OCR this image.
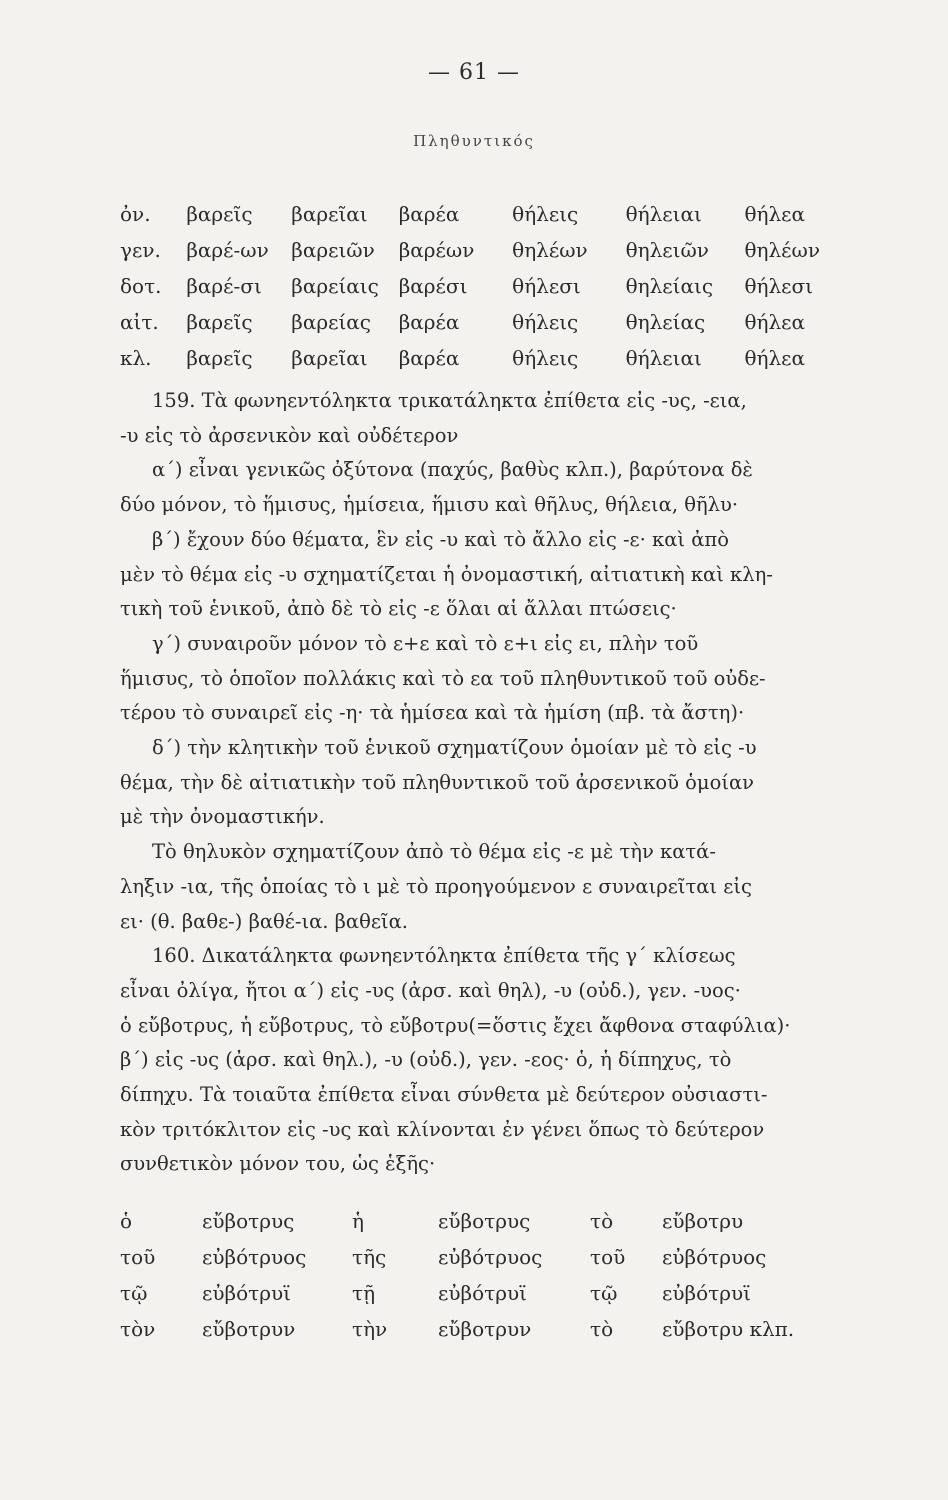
— 61 —
Πληθυντικός
ὀν.	βαρεῖς	βαρεῖαι	βαρέα	θήλεις	θήλειαι	θήλεα
γεν.	βαρέ-ων	βαρειῶν	βαρέων	θηλέων	θηλειῶν	θηλέων
δοτ.	βαρέ-σι	βαρείαις	βαρέσι	θήλεσι	θηλείαις	θήλεσι
αἰτ.	βαρεῖς	βαρείας	βαρέα	θήλεις	θηλείας	θήλεα
κλ.	βαρεῖς	βαρεῖαι	βαρέα	θήλεις	θήλειαι	θήλεα

159. Τὰ φωνηεντόληκτα τρικατάληκτα ἐπίθετα εἰς -υς, -εια,

-υ εἰς τὸ ἀρσενικὸν καὶ οὐδέτερον

α΄) εἶναι γενικῶς ὀξύτονα (παχύς, βαθὺς κλπ.), βαρύτονα δὲ

δύο μόνον, τὸ ἥμισυς, ἡμίσεια, ἥμισυ καὶ θῆλυς, θήλεια, θῆλυ·

β΄) ἔχουν δύο θέματα, ἓν εἰς -υ καὶ τὸ ἄλλο εἰς -ε· καὶ ἀπὸ

μὲν τὸ θέμα εἰς -υ σχηματίζεται ἡ ὀνομαστική, αἰτιατικὴ καὶ κλη-

τικὴ τοῦ ἑνικοῦ, ἀπὸ δὲ τὸ εἰς -ε ὅλαι αἱ ἄλλαι πτώσεις·

γ΄) συναιροῦν μόνον τὸ ε+ε καὶ τὸ ε+ι εἰς ει, πλὴν τοῦ

ἥμισυς, τὸ ὁποῖον πολλάκις καὶ τὸ εα τοῦ πληθυντικοῦ τοῦ οὐδε-

τέρου τὸ συναιρεῖ εἰς -η· τὰ ἡμίσεα καὶ τὰ ἡμίση (πβ. τὰ ἄστη)·

δ΄) τὴν κλητικὴν τοῦ ἑνικοῦ σχηματίζουν ὁμοίαν μὲ τὸ εἰς -υ

θέμα, τὴν δὲ αἰτιατικὴν τοῦ πληθυντικοῦ τοῦ ἀρσενικοῦ ὁμοίαν

μὲ τὴν ὀνομαστικήν.

Τὸ θηλυκὸν σχηματίζουν ἀπὸ τὸ θέμα εἰς -ε μὲ τὴν κατά-

ληξιν -ια, τῆς ὁποίας τὸ ι μὲ τὸ προηγούμενον ε συναιρεῖται εἰς

ει· (θ. βαθε-) βαθέ-ια. βαθεῖα.

160. Δικατάληκτα φωνηεντόληκτα ἐπίθετα τῆς γ΄ κλίσεως

εἶναι ὀλίγα, ἤτοι α΄) εἰς -υς (ἀρσ. καὶ θηλ), -υ (οὐδ.), γεν. -υος·

ὁ εὔβοτρυς, ἡ εὔβοτρυς, τὸ εὔβοτρυ(=ὅστις ἔχει ἄφθονα σταφύλια)·

β΄) εἰς -υς (ἀρσ. καὶ θηλ.), -υ (οὐδ.), γεν. -εος· ὁ, ἡ δίπηχυς, τὸ

δίπηχυ. Τὰ τοιαῦτα ἐπίθετα εἶναι σύνθετα μὲ δεύτερον οὐσιαστι-

κὸν τριτόκλιτον εἰς -υς καὶ κλίνονται ἐν γένει ὅπως τὸ δεύτερον

συνθετικὸν μόνον του, ὡς ἑξῆς·

ὁ	εὔβοτρυς	ἡ	εὔβοτρυς	τὸ	εὔβοτρυ
τοῦ	εὐβότρυος	τῆς	εὐβότρυος	τοῦ	εὐβότρυος
τῷ	εὐβότρυϊ	τῇ	εὐβότρυϊ	τῷ	εὐβότρυϊ
τὸν	εὔβοτρυν	τὴν	εὔβοτρυν	τὸ	εὔβοτρυ κλπ.
